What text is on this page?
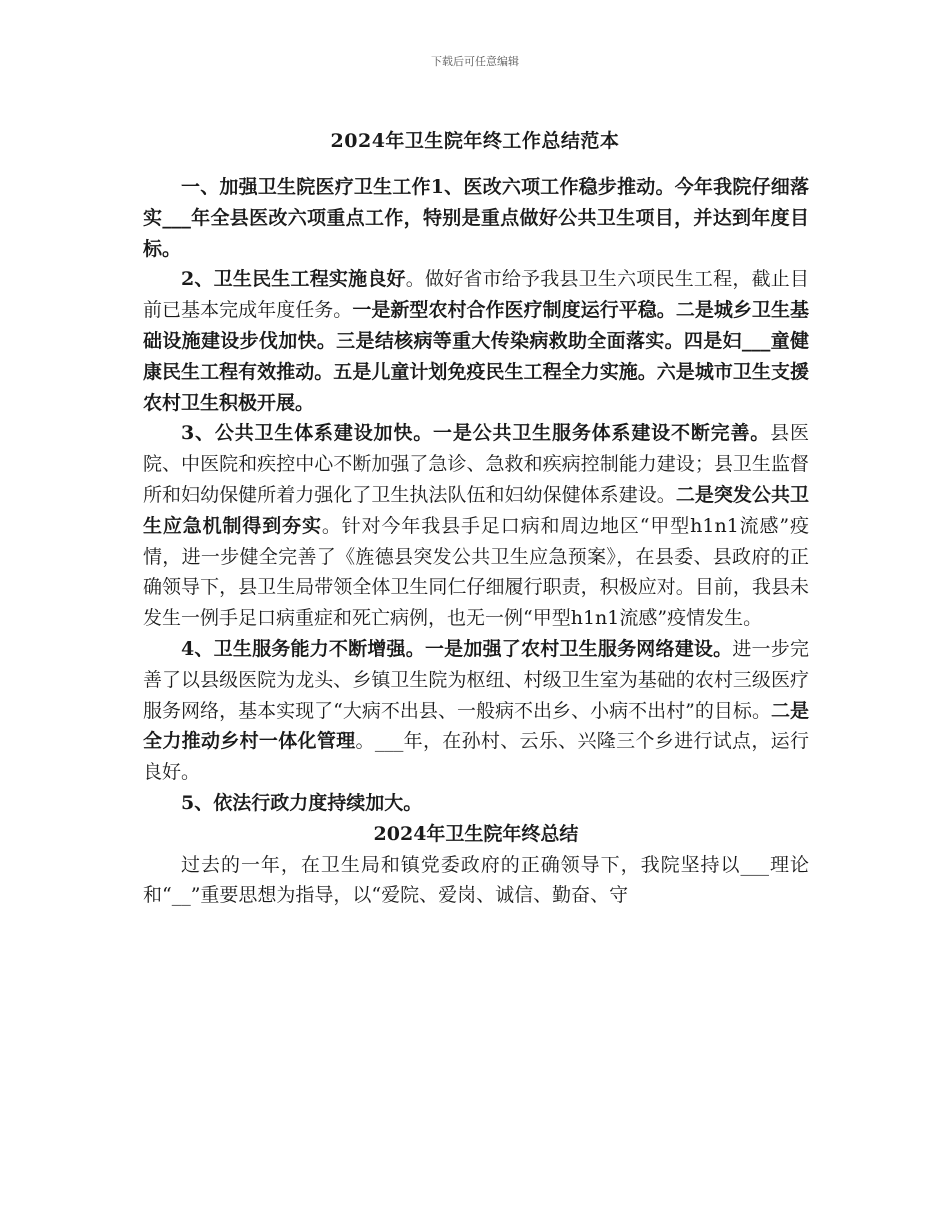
下载后可任意编辑
2024年卫生院年终工作总结范本

一、加强卫生院医疗卫生工作1、医改六项工作稳步推动。今年我院仔细落实___年全县医改六项重点工作，特别是重点做好公共卫生项目，并达到年度目标。

2、卫生民生工程实施良好。做好省市给予我县卫生六项民生工程，截止目前已基本完成年度任务。一是新型农村合作医疗制度运行平稳。二是城乡卫生基础设施建设步伐加快。三是结核病等重大传染病救助全面落实。四是妇___童健康民生工程有效推动。五是儿童计划免疫民生工程全力实施。六是城市卫生支援农村卫生积极开展。

3、公共卫生体系建设加快。一是公共卫生服务体系建设不断完善。县医院、中医院和疾控中心不断加强了急诊、急救和疾病控制能力建设；县卫生监督所和妇幼保健所着力强化了卫生执法队伍和妇幼保健体系建设。二是突发公共卫生应急机制得到夯实。针对今年我县手足口病和周边地区“甲型h1n1流感”疫情，进一步健全完善了《旌德县突发公共卫生应急预案》，在县委、县政府的正确领导下，县卫生局带领全体卫生同仁仔细履行职责，积极应对。目前，我县未发生一例手足口病重症和死亡病例，也无一例“甲型h1n1流感”疫情发生。

4、卫生服务能力不断增强。一是加强了农村卫生服务网络建设。进一步完善了以县级医院为龙头、乡镇卫生院为枢纽、村级卫生室为基础的农村三级医疗服务网络，基本实现了“大病不出县、一般病不出乡、小病不出村”的目标。二是全力推动乡村一体化管理。___年，在孙村、云乐、兴隆三个乡进行试点，运行良好。

5、依法行政力度持续加大。

2024年卫生院年终总结

过去的一年，在卫生局和镇党委政府的正确领导下，我院坚持以___理论和“__”重要思想为指导，以“爱院、爱岗、诚信、勤奋、守
